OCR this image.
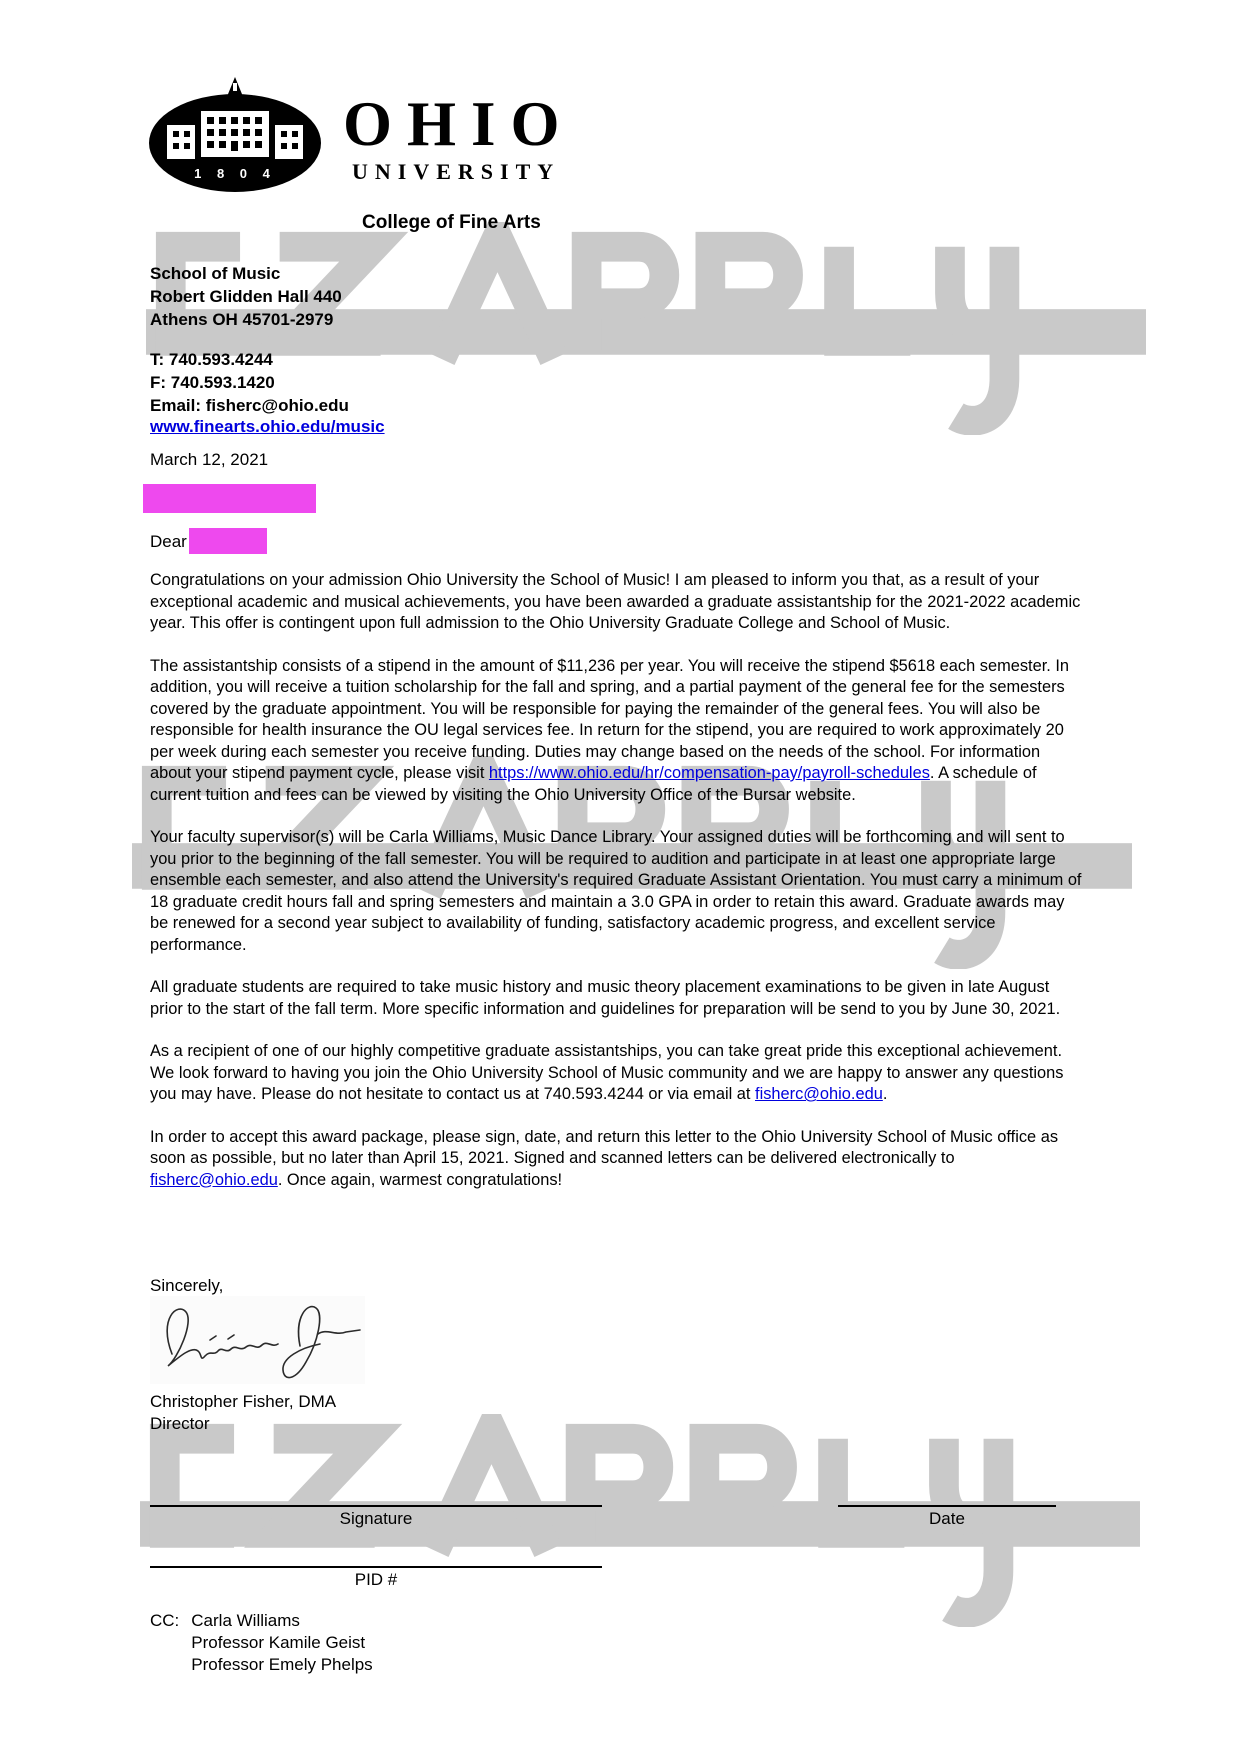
1 8 0 4
OHIO
UNIVERSITY
College of Fine Arts
School of Music
Robert Glidden Hall 440
Athens OH 45701-2979
T: 740.593.4244
F: 740.593.1420
Email: fisherc@ohio.edu
www.finearts.ohio.edu/music
March 12, 2021
Dear

Congratulations on your admission Ohio University the School of Music! I am pleased to inform you that, as a result of your exceptional academic and musical achievements, you have been awarded a graduate assistantship for the 2021-2022 academic year. This offer is contingent upon full admission to the Ohio University Graduate College and School of Music.

The assistantship consists of a stipend in the amount of $11,236 per year. You will receive the stipend $5618 each semester. In addition, you will receive a tuition scholarship for the fall and spring, and a partial payment of the general fee for the semesters covered by the graduate appointment. You will be responsible for paying the remainder of the general fees. You will also be responsible for health insurance the OU legal services fee. In return for the stipend, you are required to work approximately 20 per week during each semester you receive funding. Duties may change based on the needs of the school. For information about your stipend payment cycle, please visit https://www.ohio.edu/hr/compensation-pay/payroll-schedules. A schedule of current tuition and fees can be viewed by visiting the Ohio University Office of the Bursar website.

Your faculty supervisor(s) will be Carla Williams, Music Dance Library. Your assigned duties will be forthcoming and will sent to you prior to the beginning of the fall semester. You will be required to audition and participate in at least one appropriate large ensemble each semester, and also attend the University's required Graduate Assistant Orientation. You must carry a minimum of 18 graduate credit hours fall and spring semesters and maintain a 3.0 GPA in order to retain this award. Graduate awards may be renewed for a second year subject to availability of funding, satisfactory academic progress, and excellent service performance.

All graduate students are required to take music history and music theory placement examinations to be given in late August prior to the start of the fall term. More specific information and guidelines for preparation will be send to you by June 30, 2021.

As a recipient of one of our highly competitive graduate assistantships, you can take great pride this exceptional achievement. We look forward to having you join the Ohio University School of Music community and we are happy to answer any questions you may have. Please do not hesitate to contact us at 740.593.4244 or via email at fisherc@ohio.edu.

In order to accept this award package, please sign, date, and return this letter to the Ohio University School of Music office as soon as possible, but no later than April 15, 2021. Signed and scanned letters can be delivered electronically to fisherc@ohio.edu. Once again, warmest congratulations!

Sincerely,
Christopher Fisher, DMA
Director
Signature	Date
PID #
CC: Carla Williams
Professor Kamile Geist
Professor Emely Phelps
